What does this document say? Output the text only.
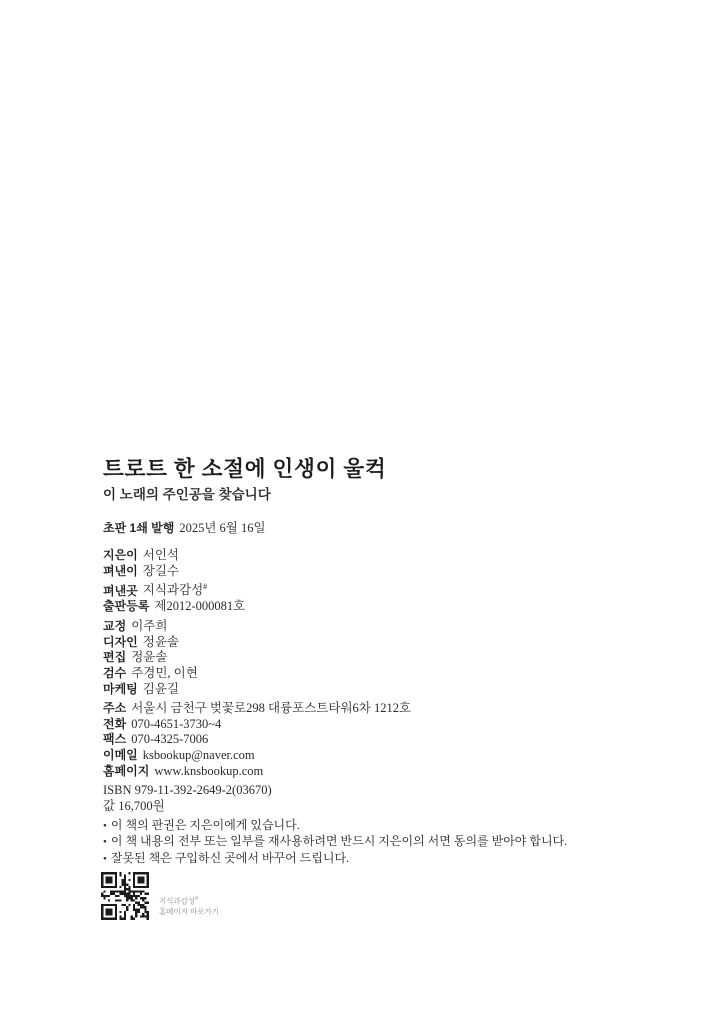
트로트 한 소절에 인생이 울컥
이 노래의 주인공을 찾습니다
초판 1쇄 발행 2025년 6월 16일
지은이 서인석
펴낸이 장길수
펴낸곳 지식과감성#
출판등록 제2012-000081호
교정 이주희
디자인 정윤솔
편집 정윤솔
검수 주경민, 이현
마케팅 김윤길
주소 서울시 금천구 벚꽃로298 대륭포스트타워6차 1212호
전화 070-4651-3730~4
팩스 070-4325-7006
이메일 ksbookup@naver.com
홈페이지 www.knsbookup.com
ISBN 979-11-392-2649-2(03670)
값 16,700원
• 이 책의 판권은 지은이에게 있습니다.
• 이 책 내용의 전부 또는 일부를 재사용하려면 반드시 지은이의 서면 동의를 받아야 합니다.
• 잘못된 책은 구입하신 곳에서 바꾸어 드립니다.
지식과감성#
홈페이지 바로가기
